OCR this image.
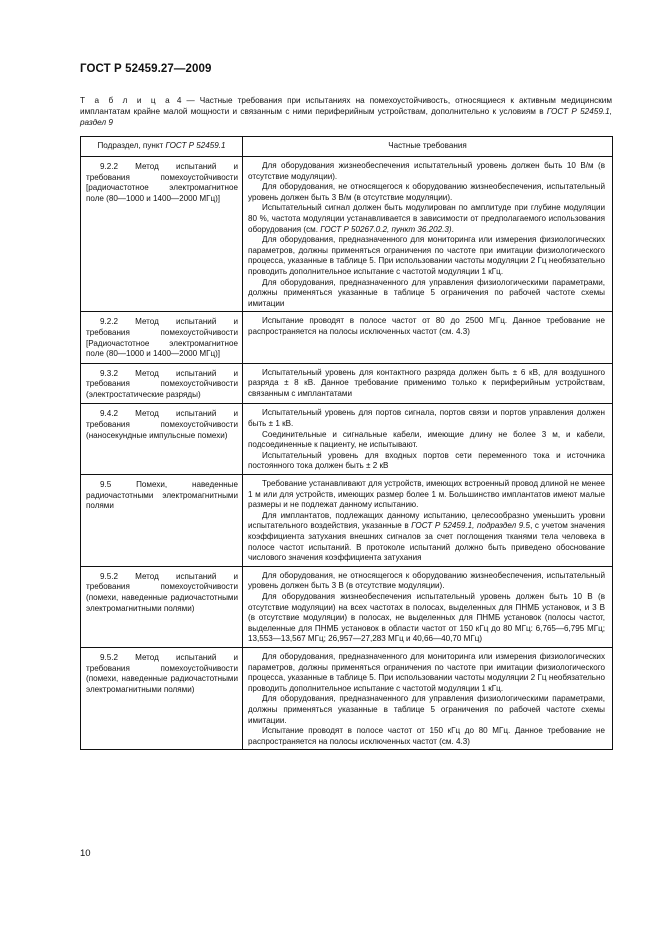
ГОСТ Р 52459.27—2009
Т а б л и ц а 4 — Частные требования при испытаниях на помехоустойчивость, относящиеся к активным медицинским имплантатам крайне малой мощности и связанным с ними периферийным устройствам, дополнительно к условиям в ГОСТ Р 52459.1, раздел 9
Подраздел, пункт ГОСТ Р 52459.1	Частные требования

9.2.2 Метод испытаний и требования помехоустойчивости [радиочастотное электромагнитное поле (80—1000 и 1400—2000 МГц)]	Для оборудования жизнеобеспечения испытательный уровень должен быть 10 В/м (в отсутствие модуляции).

Для оборудования, не относящегося к оборудованию жизнеобеспечения, испытательный уровень должен быть 3 В/м (в отсутствие модуляции).

Испытательный сигнал должен быть модулирован по амплитуде при глубине модуляции 80 %, частота модуляции устанавливается в зависимости от предполагаемого использования оборудования (см. ГОСТ Р 50267.0.2, пункт 36.202.3).

Для оборудования, предназначенного для мониторинга или измерения физиологических параметров, должны применяться ограничения по частоте при имитации физиологического процесса, указанные в таблице 5. При использовании частоты модуляции 2 Гц необязательно проводить дополнительное испытание с частотой модуляции 1 кГц.

Для оборудования, предназначенного для управления физиологическими параметрами, должны применяться указанные в таблице 5 ограничения по рабочей частоте схемы имитации

9.2.2 Метод испытаний и требования помехоустойчивости [Радиочастотное электромагнитное поле (80—1000 и 1400—2000 МГц)]	Испытание проводят в полосе частот от 80 до 2500 МГц. Данное требование не распространяется на полосы исключенных частот (см. 4.3)

9.3.2 Метод испытаний и требования помехоустойчивости (электростатические разряды)	Испытательный уровень для контактного разряда должен быть ± 6 кВ, для воздушного разряда ± 8 кВ. Данное требование применимо только к периферийным устройствам, связанным с имплантатами

9.4.2 Метод испытаний и требования помехоустойчивости (наносекундные импульсные помехи)	Испытательный уровень для портов сигнала, портов связи и портов управления должен быть ± 1 кВ.

Соединительные и сигнальные кабели, имеющие длину не более 3 м, и кабели, подсоединенные к пациенту, не испытывают.

Испытательный уровень для входных портов сети переменного тока и источника постоянного тока должен быть ± 2 кВ

9.5 Помехи, наведенные радиочастотными электромагнитными полями	Требование устанавливают для устройств, имеющих встроенный провод длиной не менее 1 м или для устройств, имеющих размер более 1 м. Большинство имплантатов имеют малые размеры и не подлежат данному испытанию.

Для имплантатов, подлежащих данному испытанию, целесообразно уменьшить уровни испытательного воздействия, указанные в ГОСТ Р 52459.1, подраздел 9.5, с учетом значения коэффициента затухания внешних сигналов за счет поглощения тканями тела человека в полосе частот испытаний. В протоколе испытаний должно быть приведено обоснование числового значения коэффициента затухания

9.5.2 Метод испытаний и требования помехоустойчивости (помехи, наведенные радиочастотными электромагнитными полями)	Для оборудования, не относящегося к оборудованию жизнеобеспечения, испытательный уровень должен быть 3 В (в отсутствие модуляции).

Для оборудования жизнеобеспечения испытательный уровень должен быть 10 В (в отсутствие модуляции) на всех частотах в полосах, выделенных для ПНМБ установок, и 3 В (в отсутствие модуляции) в полосах, не выделенных для ПНМБ установок (полосы частот, выделенные для ПНМБ установок в области частот от 150 кГц до 80 МГц: 6,765—6,795 МГц; 13,553—13,567 МГц; 26,957—27,283 МГц и 40,66—40,70 МГц)

9.5.2 Метод испытаний и требования помехоустойчивости (помехи, наведенные радиочастотными электромагнитными полями)	Для оборудования, предназначенного для мониторинга или измерения физиологических параметров, должны применяться ограничения по частоте при имитации физиологического процесса, указанные в таблице 5. При использовании частоты модуляции 2 Гц необязательно проводить дополнительное испытание с частотой модуляции 1 кГц.

Для оборудования, предназначенного для управления физиологическими параметрами, должны применяться указанные в таблице 5 ограничения по рабочей частоте схемы имитации.

Испытание проводят в полосе частот от 150 кГц до 80 МГц. Данное требование не распространяется на полосы исключенных частот (см. 4.3)

10
